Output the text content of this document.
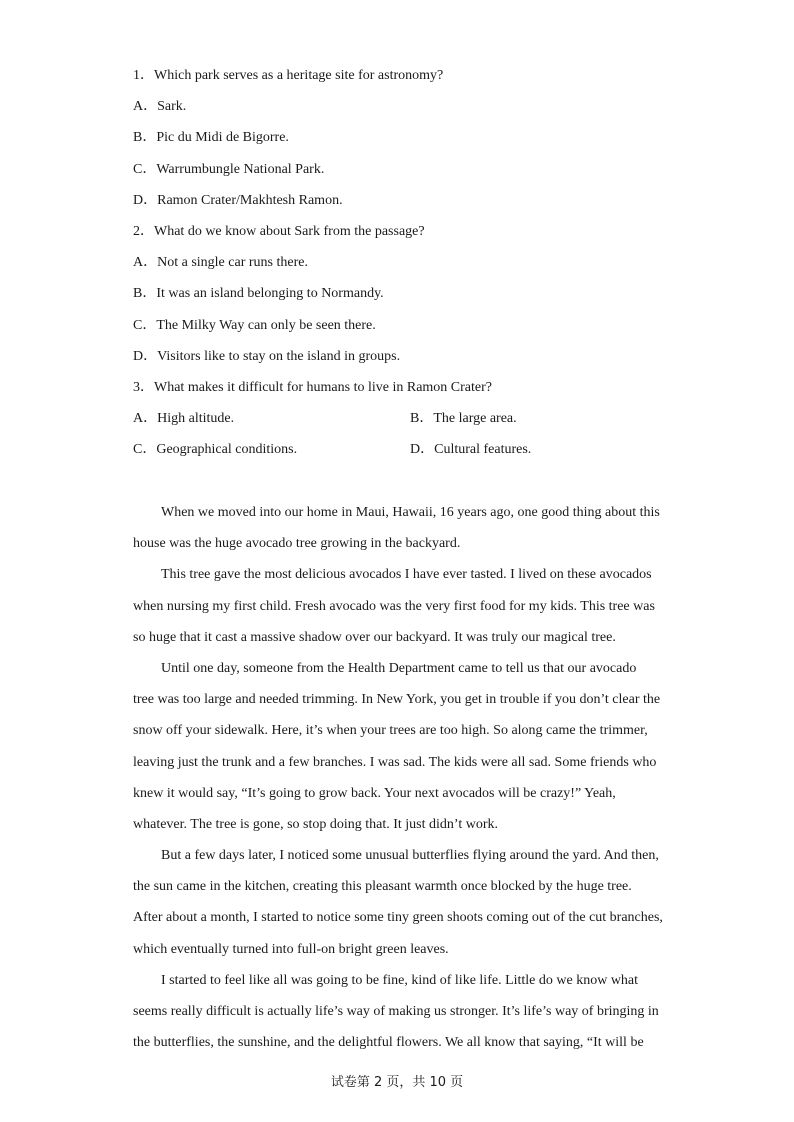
1．Which park serves as a heritage site for astronomy?
A．Sark.
B．Pic du Midi de Bigorre.
C．Warrumbungle National Park.
D．Ramon Crater/Makhtesh Ramon.
2．What do we know about Sark from the passage?
A．Not a single car runs there.
B．It was an island belonging to Normandy.
C．The Milky Way can only be seen there.
D．Visitors like to stay on the island in groups.
3．What makes it difficult for humans to live in Ramon Crater?
A．High altitude.	B．The large area.
C．Geographical conditions.	D．Cultural features.
When we moved into our home in Maui, Hawaii, 16 years ago, one good thing about this
house was the huge avocado tree growing in the backyard.
This tree gave the most delicious avocados I have ever tasted. I lived on these avocados
when nursing my first child. Fresh avocado was the very first food for my kids. This tree was
so huge that it cast a massive shadow over our backyard. It was truly our magical tree.
Until one day, someone from the Health Department came to tell us that our avocado
tree was too large and needed trimming. In New York, you get in trouble if you don’t clear the
snow off your sidewalk. Here, it’s when your trees are too high. So along came the trimmer,
leaving just the trunk and a few branches. I was sad. The kids were all sad. Some friends who
knew it would say, “It’s going to grow back. Your next avocados will be crazy!” Yeah,
whatever. The tree is gone, so stop doing that. It just didn’t work.
But a few days later, I noticed some unusual butterflies flying around the yard. And then,
the sun came in the kitchen, creating this pleasant warmth once blocked by the huge tree.
After about a month, I started to notice some tiny green shoots coming out of the cut branches,
which eventually turned into full-on bright green leaves.
I started to feel like all was going to be fine, kind of like life. Little do we know what
seems really difficult is actually life’s way of making us stronger. It’s life’s way of bringing in
the butterflies, the sunshine, and the delightful flowers. We all know that saying, “It will be
试卷第 2 页，共 10 页
